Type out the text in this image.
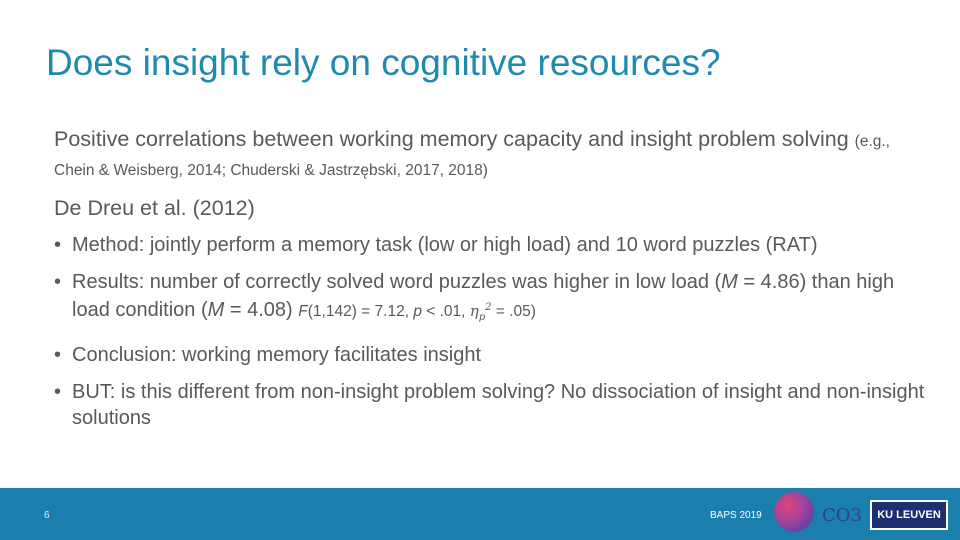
Does insight rely on cognitive resources?
Positive correlations between working memory capacity and insight problem solving (e.g., Chein & Weisberg, 2014; Chuderski & Jastrzębski, 2017, 2018)
De Dreu et al. (2012)
• Method: jointly perform a memory task (low or high load) and 10 word puzzles (RAT)
• Results: number of correctly solved word puzzles was higher in low load (M = 4.86) than high load condition (M = 4.08) F(1,142) = 7.12, p < .01, $\eta_p^2 = .05$)
• Conclusion: working memory facilitates insight
• BUT: is this different from non-insight problem solving? No dissociation of insight and non-insight solutions
6	BAPS 2019	CO3	KU LEUVEN
